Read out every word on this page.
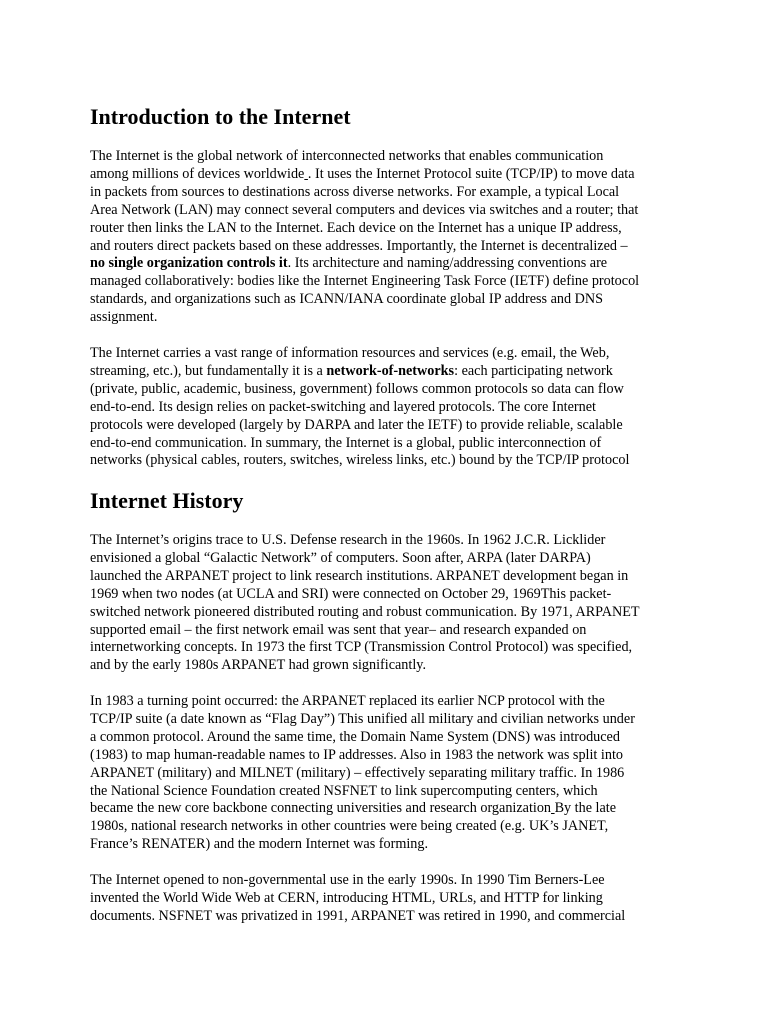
Introduction to the Internet

The Internet is the global network of interconnected networks that enables communication
among millions of devices worldwide . It uses the Internet Protocol suite (TCP/IP) to move data
in packets from sources to destinations across diverse networks. For example, a typical Local
Area Network (LAN) may connect several computers and devices via switches and a router; that
router then links the LAN to the Internet. Each device on the Internet has a unique IP address,
and routers direct packets based on these addresses. Importantly, the Internet is decentralized –
no single organization controls it. Its architecture and naming/addressing conventions are
managed collaboratively: bodies like the Internet Engineering Task Force (IETF) define protocol
standards, and organizations such as ICANN/IANA coordinate global IP address and DNS
assignment.

The Internet carries a vast range of information resources and services (e.g. email, the Web,
streaming, etc.), but fundamentally it is a network-of-networks: each participating network
(private, public, academic, business, government) follows common protocols so data can flow
end-to-end. Its design relies on packet-switching and layered protocols. The core Internet
protocols were developed (largely by DARPA and later the IETF) to provide reliable, scalable
end-to-end communication. In summary, the Internet is a global, public interconnection of
networks (physical cables, routers, switches, wireless links, etc.) bound by the TCP/IP protocol

Internet History

The Internet’s origins trace to U.S. Defense research in the 1960s. In 1962 J.C.R. Licklider
envisioned a global “Galactic Network” of computers. Soon after, ARPA (later DARPA)
launched the ARPANET project to link research institutions. ARPANET development began in
1969 when two nodes (at UCLA and SRI) were connected on October 29, 1969This packet-
switched network pioneered distributed routing and robust communication. By 1971, ARPANET
supported email – the first network email was sent that year– and research expanded on
internetworking concepts. In 1973 the first TCP (Transmission Control Protocol) was specified,
and by the early 1980s ARPANET had grown significantly.

In 1983 a turning point occurred: the ARPANET replaced its earlier NCP protocol with the
TCP/IP suite (a date known as “Flag Day”) This unified all military and civilian networks under
a common protocol. Around the same time, the Domain Name System (DNS) was introduced
(1983) to map human-readable names to IP addresses. Also in 1983 the network was split into
ARPANET (military) and MILNET (military) – effectively separating military traffic. In 1986
the National Science Foundation created NSFNET to link supercomputing centers, which
became the new core backbone connecting universities and research organization By the late
1980s, national research networks in other countries were being created (e.g. UK’s JANET,
France’s RENATER) and the modern Internet was forming.

The Internet opened to non-governmental use in the early 1990s. In 1990 Tim Berners-Lee
invented the World Wide Web at CERN, introducing HTML, URLs, and HTTP for linking
documents. NSFNET was privatized in 1991, ARPANET was retired in 1990, and commercial
